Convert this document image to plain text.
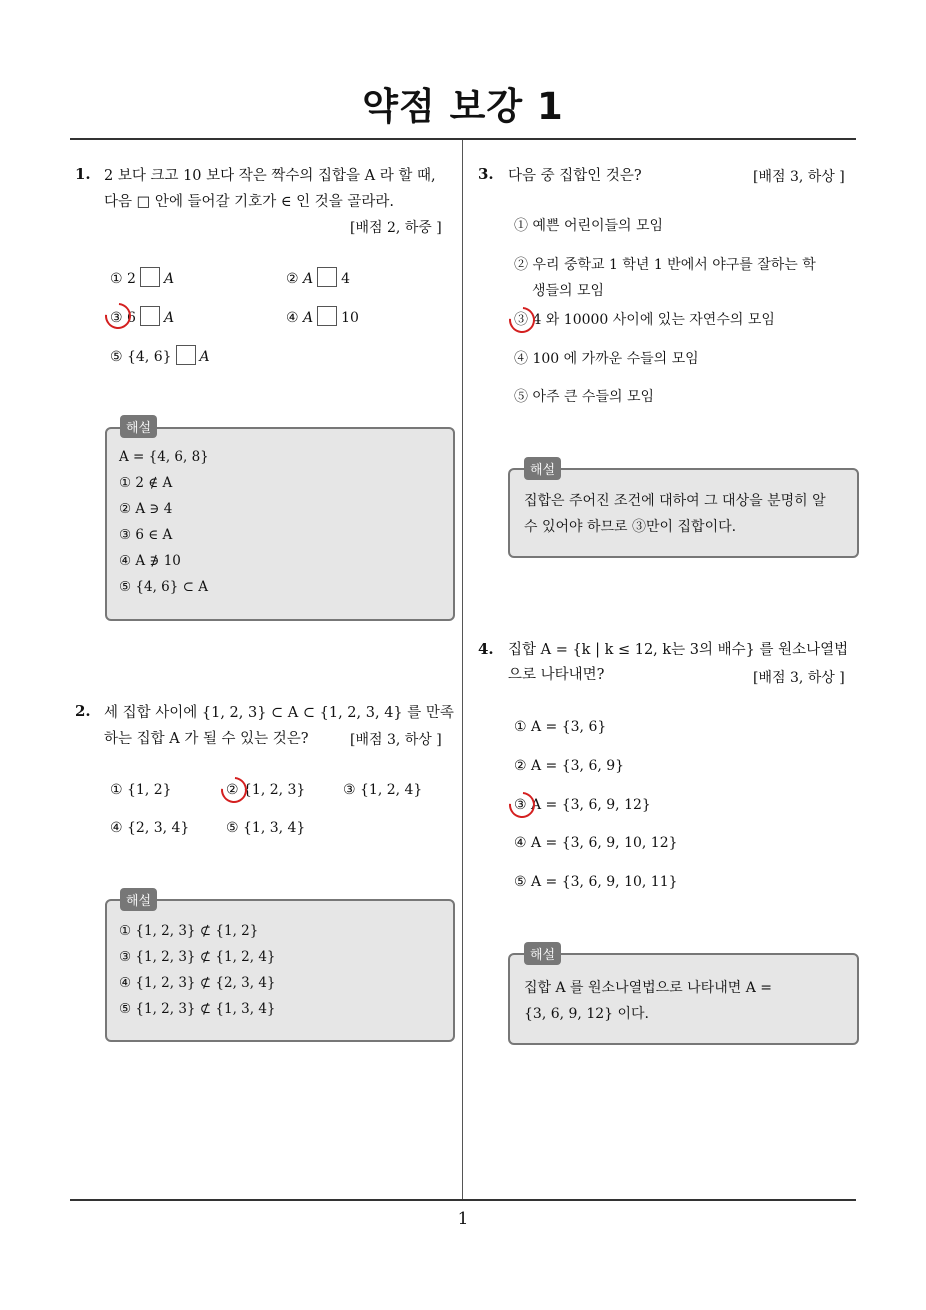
약점 보강 1
1
1. 2 보다 크고 10 보다 작은 짝수의 집합을 A 라 할 때,
다음 □ 안에 들어갈 기호가 ∈ 인 것을 골라라.
[배점 2, 하중 ]
① 2 A	② A 4
③ 6 A	④ A 10
⑤ {4, 6} A
A = {4, 6, 8}
① 2 ∉ A
② A ∋ 4
③ 6 ∈ A
④ A ∌ 10
⑤ {4, 6} ⊂ A
해설
2. 세 집합 사이에 {1, 2, 3} ⊂ A ⊂ {1, 2, 3, 4} 를 만족
하는 집합 A 가 될 수 있는 것은?	[배점 3, 하상 ]
① {1, 2}	② {1, 2, 3}	③ {1, 2, 4}
④ {2, 3, 4}	⑤ {1, 3, 4}
① {1, 2, 3} ⊄ {1, 2}
③ {1, 2, 3} ⊄ {1, 2, 4}
④ {1, 2, 3} ⊄ {2, 3, 4}
⑤ {1, 2, 3} ⊄ {1, 3, 4}
해설
3. 다음 중 집합인 것은?	[배점 3, 하상 ]
① 예쁜 어린이들의 모임
② 우리 중학교 1 학년 1 반에서 야구를 잘하는 학
생들의 모임
③ 4 와 10000 사이에 있는 자연수의 모임
④ 100 에 가까운 수들의 모임
⑤ 아주 큰 수들의 모임
집합은 주어진 조건에 대하여 그 대상을 분명히 알
수 있어야 하므로 ③만이 집합이다.
해설
4. 집합 A = {k | k ≤ 12, k는 3의 배수} 를 원소나열법
으로 나타내면?	[배점 3, 하상 ]
① A = {3, 6}
② A = {3, 6, 9}
③ A = {3, 6, 9, 12}
④ A = {3, 6, 9, 10, 12}
⑤ A = {3, 6, 9, 10, 11}
집합 A 를 원소나열법으로 나타내면 A =
{3, 6, 9, 12} 이다.
해설
